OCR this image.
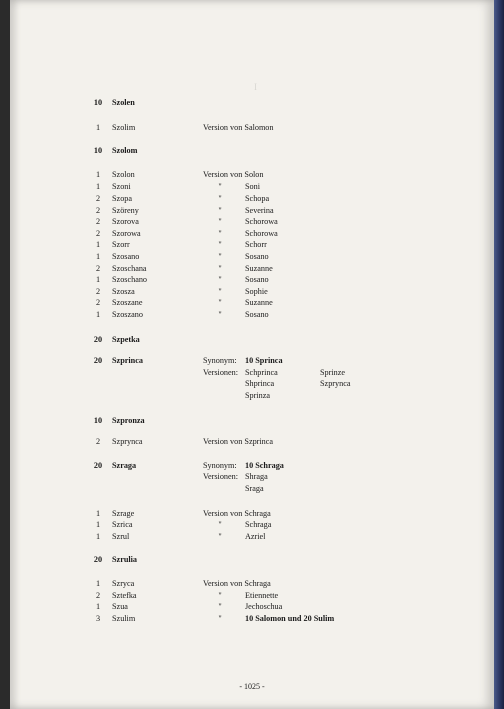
I
10	Szolen
1	Szolim	Version von Salomon
10	Szolom
1	Szolon	Version von Solon
1	Szoni	"	Soni
2	Szopa	"	Schopa
2	Szöreny	"	Severina
2	Szorova	"	Schorowa
2	Szorowa	"	Schorowa
1	Szorr	"	Schorr
1	Szosano	"	Sosano
2	Szoschana	"	Suzanne
1	Szoschano	"	Sosano
2	Szosza	"	Sophie
2	Szoszane	"	Suzanne
1	Szoszano	"	Sosano
20	Szpetka
20	Szprinca	Synonym: 10 Sprinca
Versionen: Schprinca	Sprinze
Shprinca	Szprynca
Sprinza
10	Szpronza
2	Szprynca	Version von Szprinca
20	Szraga	Synonym: 10 Schraga
Versionen: Shraga
Sraga
1	Szrage	Version von Schraga
1	Szrica	"	Schraga
1	Szrul	"	Azriel
20	Szrulia
1	Szryca	Version von Schraga
2	Sztefka	"	Etiennette
1	Szua	"	Jechoschua
3	Szulim	"	10 Salomon und 20 Sulim
- 1025 -
